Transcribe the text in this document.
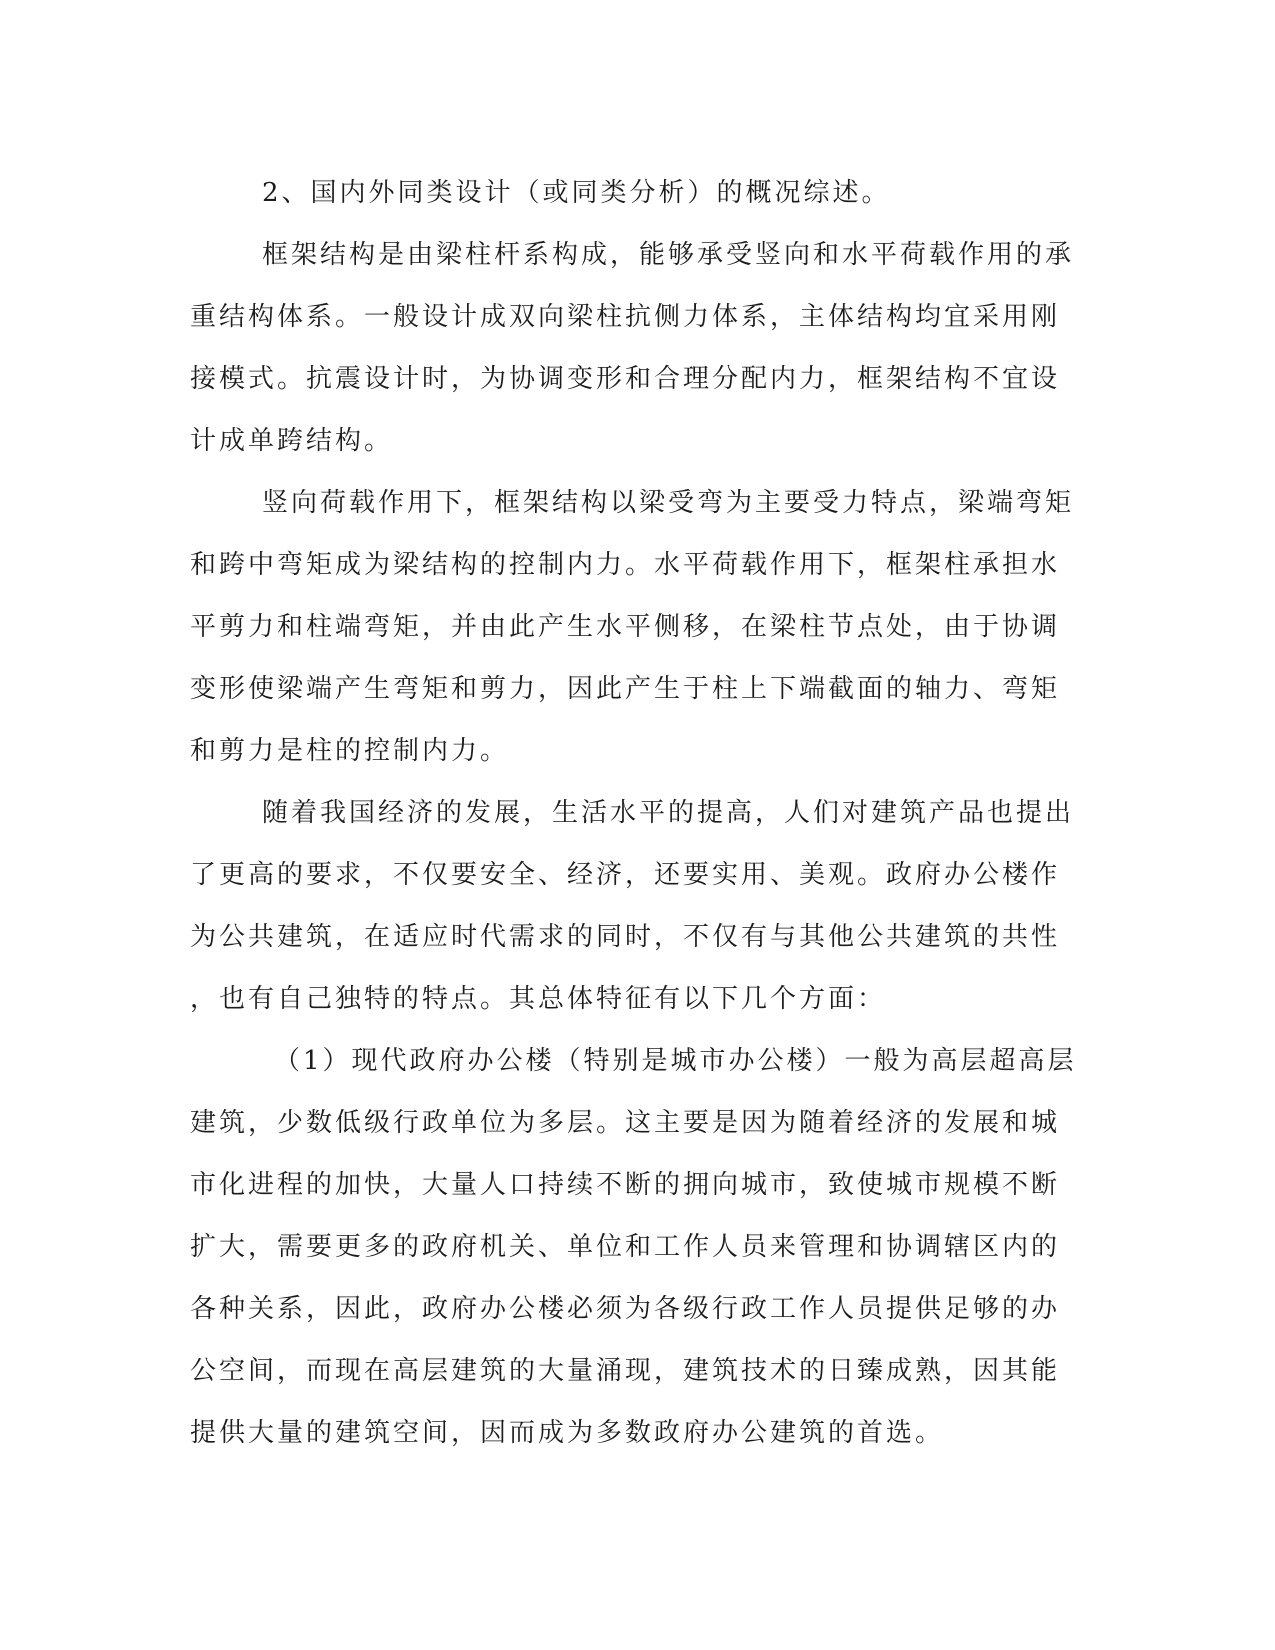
2、国内外同类设计（或同类分析）的概况综述。
框架结构是由梁柱杆系构成，能够承受竖向和水平荷载作用的承
重结构体系。一般设计成双向梁柱抗侧力体系，主体结构均宜采用刚
接模式。抗震设计时，为协调变形和合理分配内力，框架结构不宜设
计成单跨结构。
竖向荷载作用下，框架结构以梁受弯为主要受力特点，梁端弯矩
和跨中弯矩成为梁结构的控制内力。水平荷载作用下，框架柱承担水
平剪力和柱端弯矩，并由此产生水平侧移，在梁柱节点处，由于协调
变形使梁端产生弯矩和剪力，因此产生于柱上下端截面的轴力、弯矩
和剪力是柱的控制内力。
随着我国经济的发展，生活水平的提高，人们对建筑产品也提出
了更高的要求，不仅要安全、经济，还要实用、美观。政府办公楼作
为公共建筑，在适应时代需求的同时，不仅有与其他公共建筑的共性
，也有自己独特的特点。其总体特征有以下几个方面：
（1）现代政府办公楼（特别是城市办公楼）一般为高层超高层
建筑，少数低级行政单位为多层。这主要是因为随着经济的发展和城
市化进程的加快，大量人口持续不断的拥向城市，致使城市规模不断
扩大，需要更多的政府机关、单位和工作人员来管理和协调辖区内的
各种关系，因此，政府办公楼必须为各级行政工作人员提供足够的办
公空间，而现在高层建筑的大量涌现，建筑技术的日臻成熟，因其能
提供大量的建筑空间，因而成为多数政府办公建筑的首选。
